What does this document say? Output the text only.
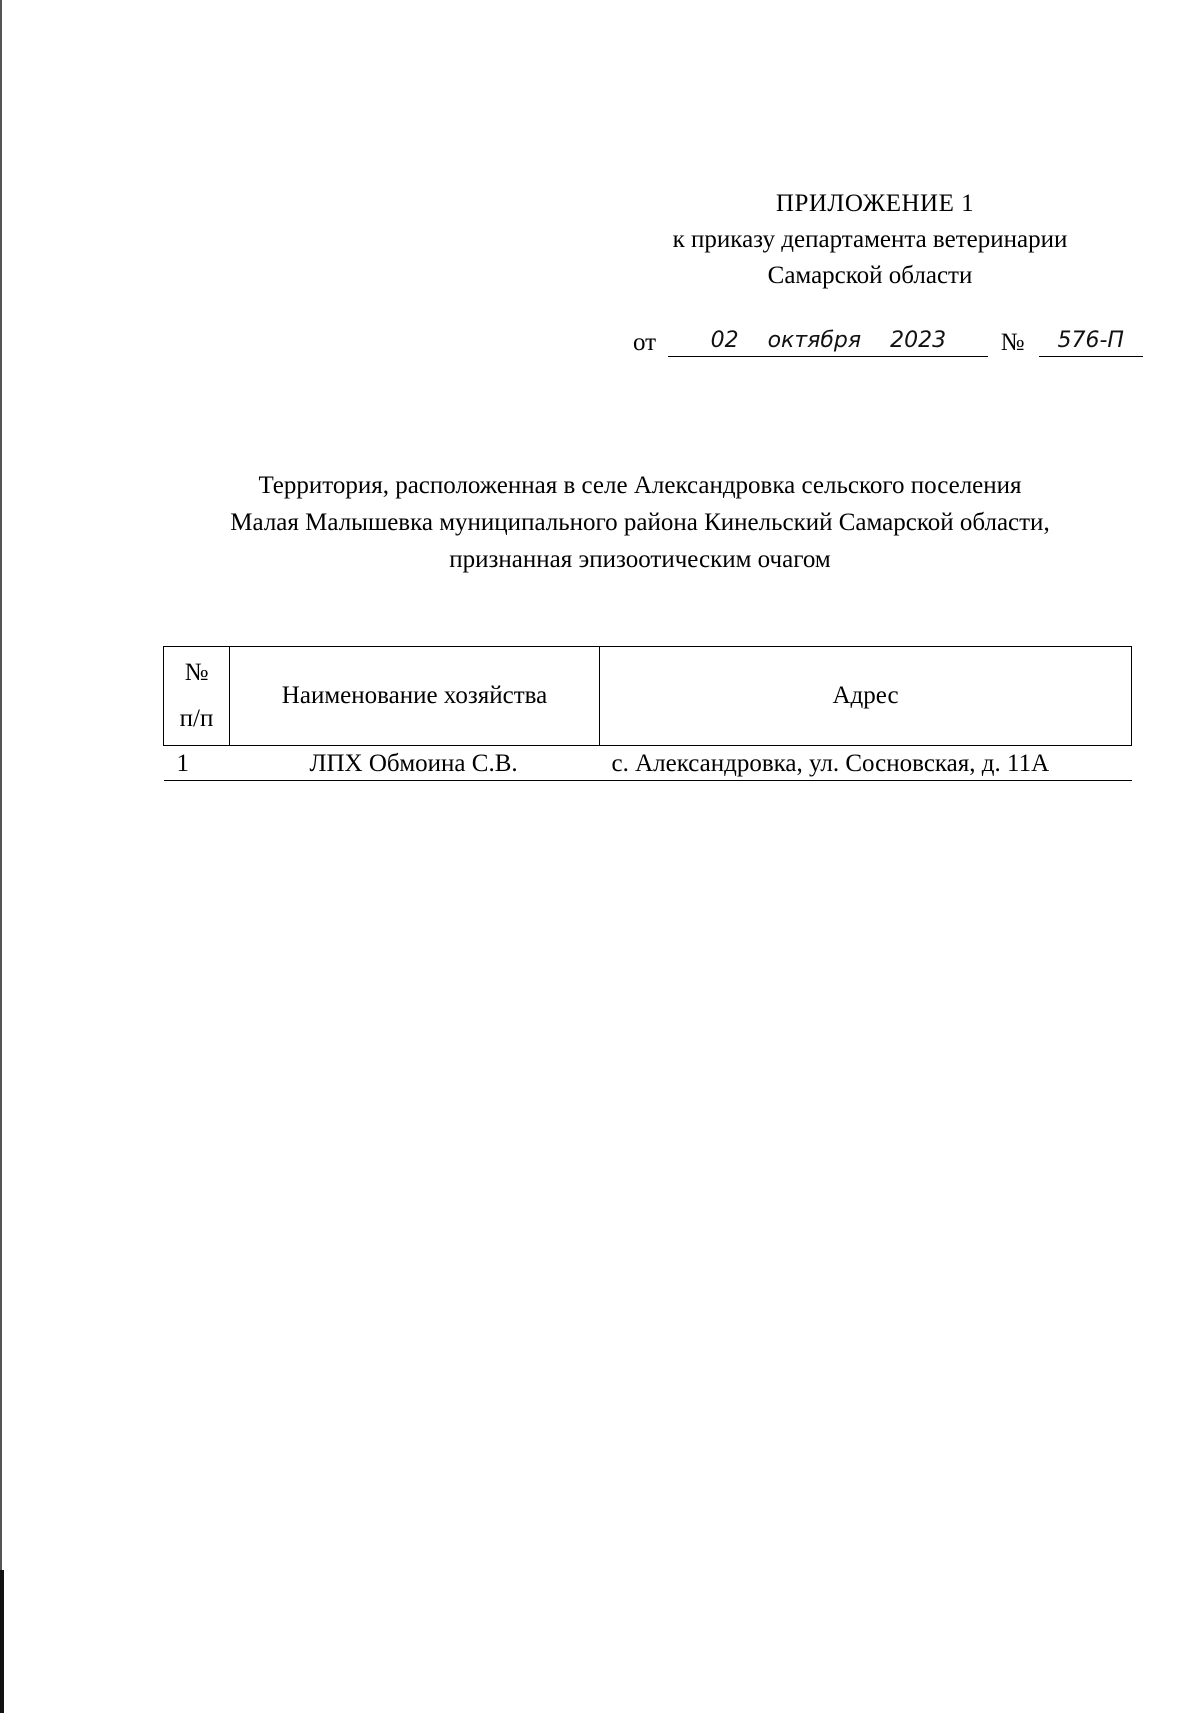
ПРИЛОЖЕНИЕ 1
к приказу департамента ветеринарии
Самарской области
от 02 октября 2023 № 576-П
Территория, расположенная в селе Александровка сельского поселения
Малая Малышевка муниципального района Кинельский Самарской области,
признанная эпизоотическим очагом
№
п/п	Наименование хозяйства	Адрес
1	ЛПХ Обмоина С.В.	с. Александровка, ул. Сосновская, д. 11А
